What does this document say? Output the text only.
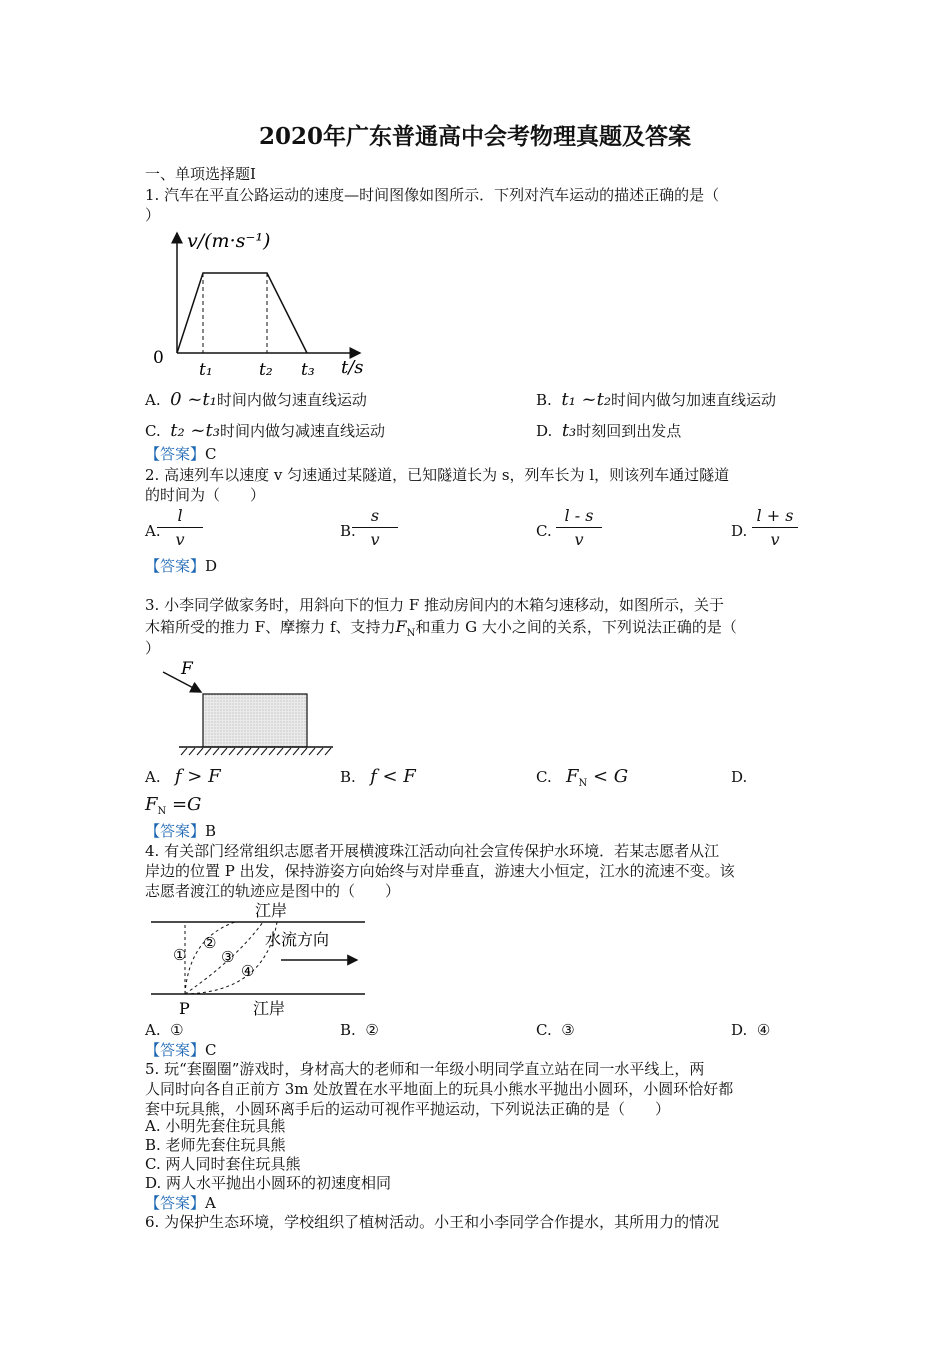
2020年广东普通高中会考物理真题及答案
一、单项选择题Ⅰ
1. 汽车在平直公路运动的速度—时间图像如图所示．下列对汽车运动的描述正确的是（
）
v/(m·s⁻¹)
0
t₁	t₂ t₃ t/s
A. 0 ~t₁时间内做匀速直线运动	B. t₁ ~t₂时间内做匀加速直线运动
C. t₂ ~t₃时间内做匀减速直线运动	D. t₃时刻回到出发点
【答案】C
2. 高速列车以速度 v 匀速通过某隧道，已知隧道长为 s，列车长为 l，则该列车通过隧道
的时间为（　　）
A.
$\frac{l}{v}$	B.
$\frac{s}{v}$	C. $\frac{l - s}{v}$	D. $\frac{l + s}{v}$
【答案】D
3. 小李同学做家务时，用斜向下的恒力 F 推动房间内的木箱匀速移动，如图所示，关于
木箱所受的推力 F、摩擦力 f、支持力$F_N$和重力 G 大小之间的关系，下列说法正确的是（
）
F
A. f > F	B. f < F	C. $F_N < G$	D.
$F_N =G$
【答案】B
4. 有关部门经常组织志愿者开展横渡珠江活动向社会宣传保护水环境．若某志愿者从江
岸边的位置 P 出发，保持游姿方向始终与对岸垂直，游速大小恒定，江水的流速不变。该
志愿者渡江的轨迹应是图中的（　　）
江岸
P	江岸
水流方向
①
②
③
④
A. ①	B. ②	C. ③	D. ④
【答案】C
5. 玩“套圈圈”游戏时，身材高大的老师和一年级小明同学直立站在同一水平线上，两
人同时向各自正前方 3m 处放置在水平地面上的玩具小熊水平抛出小圆环，小圆环恰好都
套中玩具熊，小圆环离手后的运动可视作平抛运动，下列说法正确的是（　　）
A. 小明先套住玩具熊
B. 老师先套住玩具熊
C. 两人同时套住玩具熊
D. 两人水平抛出小圆环的初速度相同
【答案】A
6. 为保护生态环境，学校组织了植树活动。小王和小李同学合作提水，其所用力的情况
